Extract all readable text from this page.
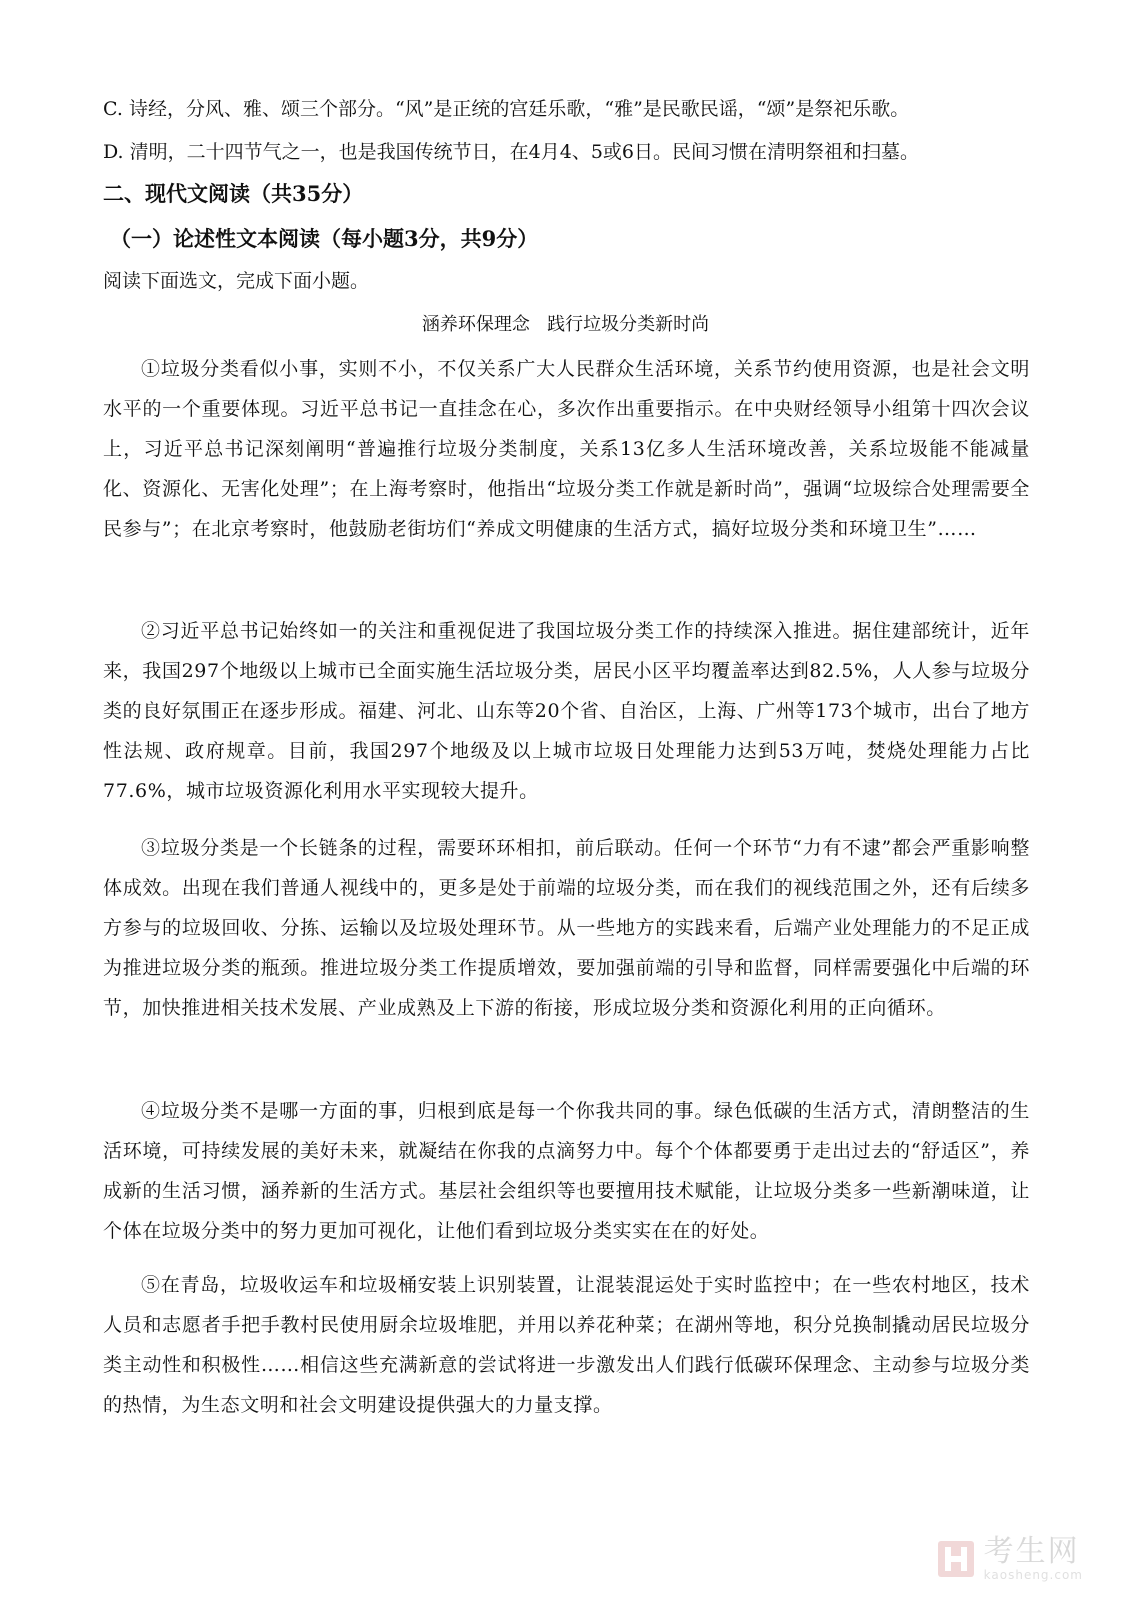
C. 诗经，分风、雅、颂三个部分。“风”是正统的宫廷乐歌，“雅”是民歌民谣，“颂”是祭祀乐歌。
D. 清明，二十四节气之一，也是我国传统节日，在4月4、5或6日。民间习惯在清明祭祖和扫墓。
二、现代文阅读（共35分）
（一）论述性文本阅读（每小题3分，共9分）
阅读下面选文，完成下面小题。
涵养环保理念   践行垃圾分类新时尚
①垃圾分类看似小事，实则不小，不仅关系广大人民群众生活环境，关系节约使用资源，也是社会文明水平的一个重要体现。习近平总书记一直挂念在心，多次作出重要指示。在中央财经领导小组第十四次会议上，习近平总书记深刻阐明“普遍推行垃圾分类制度，关系13亿多人生活环境改善，关系垃圾能不能减量化、资源化、无害化处理”；在上海考察时，他指出“垃圾分类工作就是新时尚”，强调“垃圾综合处理需要全民参与”；在北京考察时，他鼓励老街坊们“养成文明健康的生活方式，搞好垃圾分类和环境卫生”……
②习近平总书记始终如一的关注和重视促进了我国垃圾分类工作的持续深入推进。据住建部统计，近年来，我国297个地级以上城市已全面实施生活垃圾分类，居民小区平均覆盖率达到82.5%，人人参与垃圾分类的良好氛围正在逐步形成。福建、河北、山东等20个省、自治区，上海、广州等173个城市，出台了地方性法规、政府规章。目前，我国297个地级及以上城市垃圾日处理能力达到53万吨，焚烧处理能力占比77.6%，城市垃圾资源化利用水平实现较大提升。
③垃圾分类是一个长链条的过程，需要环环相扣，前后联动。任何一个环节“力有不逮”都会严重影响整体成效。出现在我们普通人视线中的，更多是处于前端的垃圾分类，而在我们的视线范围之外，还有后续多方参与的垃圾回收、分拣、运输以及垃圾处理环节。从一些地方的实践来看，后端产业处理能力的不足正成为推进垃圾分类的瓶颈。推进垃圾分类工作提质增效，要加强前端的引导和监督，同样需要强化中后端的环节，加快推进相关技术发展、产业成熟及上下游的衔接，形成垃圾分类和资源化利用的正向循环。
④垃圾分类不是哪一方面的事，归根到底是每一个你我共同的事。绿色低碳的生活方式，清朗整洁的生活环境，可持续发展的美好未来，就凝结在你我的点滴努力中。每个个体都要勇于走出过去的“舒适区”，养成新的生活习惯，涵养新的生活方式。基层社会组织等也要擅用技术赋能，让垃圾分类多一些新潮味道，让个体在垃圾分类中的努力更加可视化，让他们看到垃圾分类实实在在的好处。
⑤在青岛，垃圾收运车和垃圾桶安装上识别装置，让混装混运处于实时监控中；在一些农村地区，技术人员和志愿者手把手教村民使用厨余垃圾堆肥，并用以养花种菜；在湖州等地，积分兑换制撬动居民垃圾分类主动性和积极性……相信这些充满新意的尝试将进一步激发出人们践行低碳环保理念、主动参与垃圾分类的热情，为生态文明和社会文明建设提供强大的力量支撑。
考生网
kaosheng.com
